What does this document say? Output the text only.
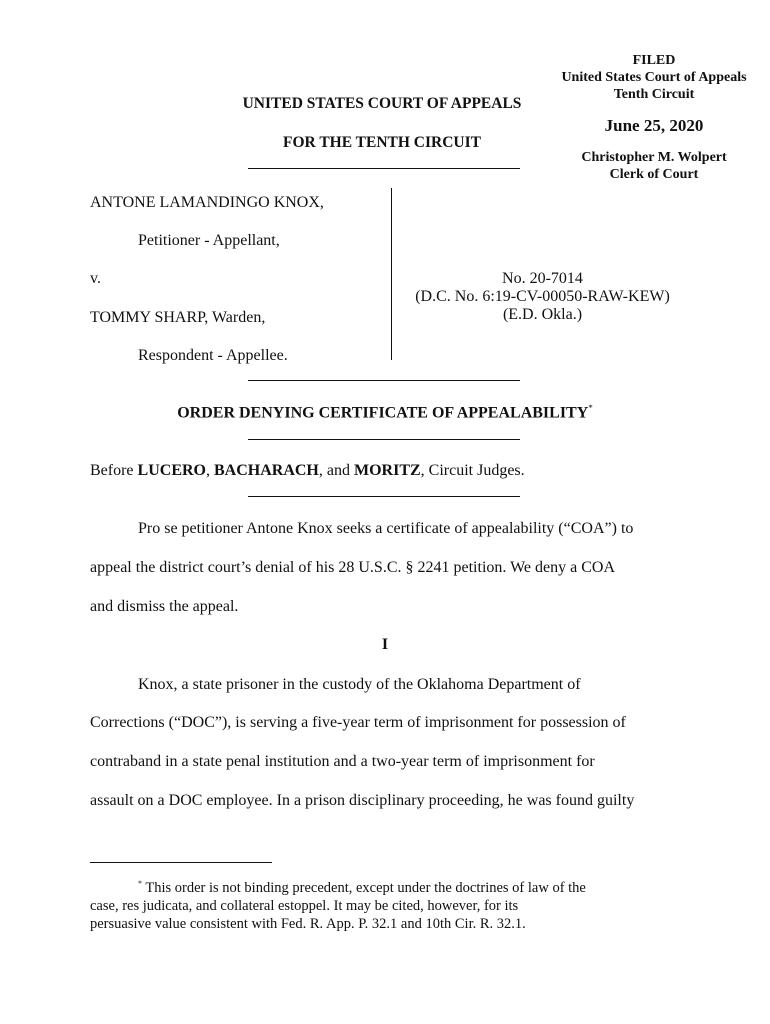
FILED
United States Court of Appeals
Tenth Circuit
June 25, 2020
Christopher M. Wolpert
Clerk of Court
UNITED STATES COURT OF APPEALS
FOR THE TENTH CIRCUIT
ANTONE LAMANDINGO KNOX,
Petitioner - Appellant,
v.
TOMMY SHARP, Warden,
Respondent - Appellee.
No. 20-7014
(D.C. No. 6:19-CV-00050-RAW-KEW)
(E.D. Okla.)
ORDER DENYING CERTIFICATE OF APPEALABILITY*
Before LUCERO, BACHARACH, and MORITZ, Circuit Judges.
Pro se petitioner Antone Knox seeks a certificate of appealability (“COA”) to
appeal the district court’s denial of his 28 U.S.C. § 2241 petition. We deny a COA
and dismiss the appeal.
I
Knox, a state prisoner in the custody of the Oklahoma Department of
Corrections (“DOC”), is serving a five-year term of imprisonment for possession of
contraband in a state penal institution and a two-year term of imprisonment for
assault on a DOC employee. In a prison disciplinary proceeding, he was found guilty
* This order is not binding precedent, except under the doctrines of law of the
case, res judicata, and collateral estoppel. It may be cited, however, for its
persuasive value consistent with Fed. R. App. P. 32.1 and 10th Cir. R. 32.1.
